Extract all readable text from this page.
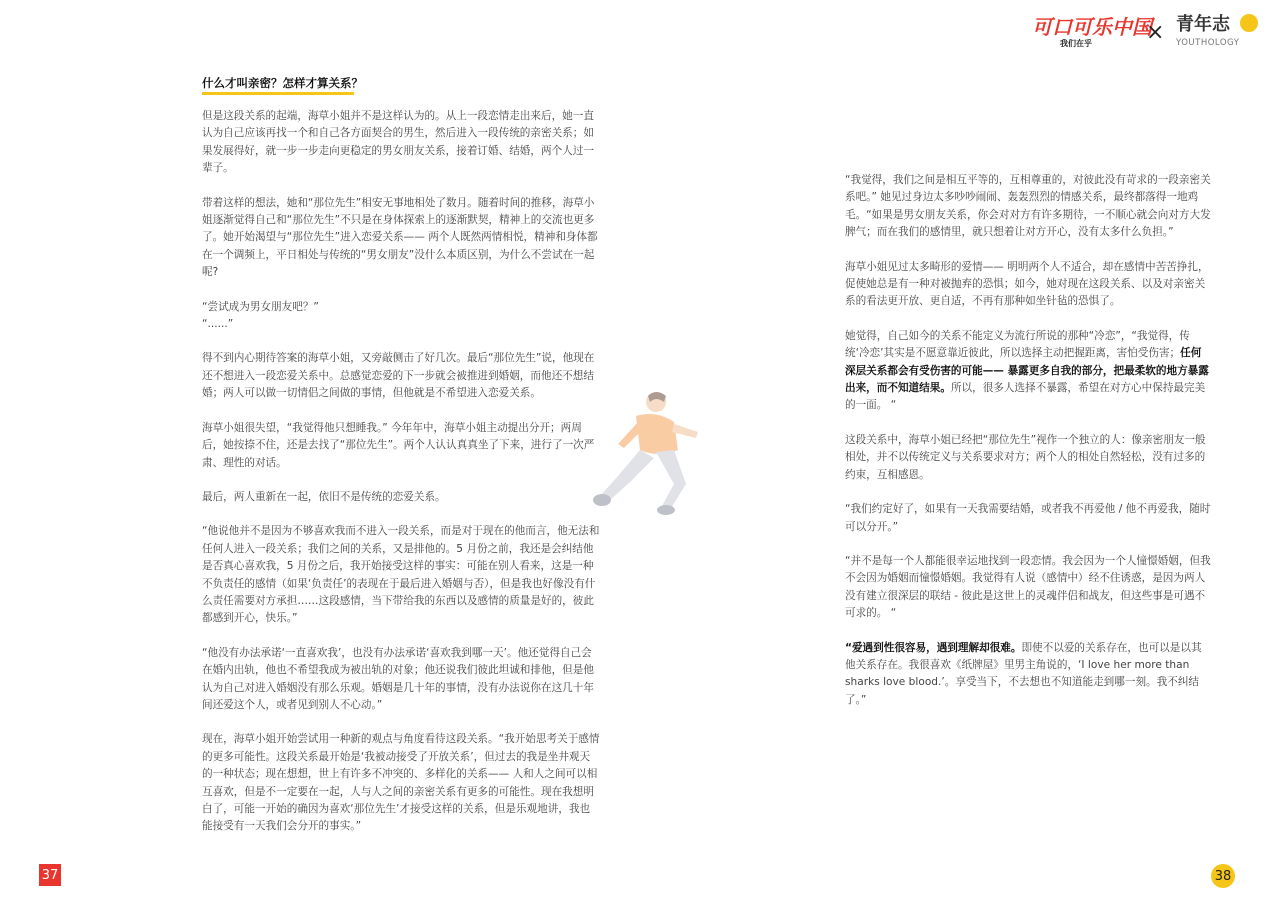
可口可乐中国
我们在乎	× 青年志
YOUTHOLOGY
什么才叫亲密？怎样才算关系？

但是这段关系的起端，海草小姐并不是这样认为的。从上一段恋情走出来后，她一直认为自己应该再找一个和自己各方面契合的男生，然后进入一段传统的亲密关系；如果发展得好，就一步一步走向更稳定的男女朋友关系，接着订婚、结婚，两个人过一辈子。

带着这样的想法，她和“那位先生”相安无事地相处了数月。随着时间的推移，海草小姐逐渐觉得自己和“那位先生”不只是在身体探索上的逐渐默契，精神上的交流也更多了。她开始渴望与“那位先生”进入恋爱关系—— 两个人既然两情相悦，精神和身体都在一个调频上，平日相处与传统的“男女朋友”没什么本质区别，为什么不尝试在一起呢?

“尝试成为男女朋友吧？”

“......”

得不到内心期待答案的海草小姐，又旁敲侧击了好几次。最后“那位先生”说，他现在还不想进入一段恋爱关系中。总感觉恋爱的下一步就会被推进到婚姻，而他还不想结婚；两人可以做一切情侣之间做的事情，但他就是不希望进入恋爱关系。

海草小姐很失望，“我觉得他只想睡我。” 今年年中，海草小姐主动提出分开；两周后，她按捺不住，还是去找了“那位先生”。两个人认认真真坐了下来，进行了一次严肃、理性的对话。

最后，两人重新在一起，依旧不是传统的恋爱关系。

“他说他并不是因为不够喜欢我而不进入一段关系，而是对于现在的他而言，他无法和任何人进入一段关系；我们之间的关系，又是排他的。5 月份之前，我还是会纠结他是否真心喜欢我，5 月份之后，我开始接受这样的事实：可能在别人看来，这是一种不负责任的感情（如果‘负责任’的表现在于最后进入婚姻与否），但是我也好像没有什么责任需要对方承担……这段感情，当下带给我的东西以及感情的质量是好的，彼此都感到开心，快乐。”

“他没有办法承诺‘一直喜欢我’，也没有办法承诺‘喜欢我到哪一天’。他还觉得自己会在婚内出轨，他也不希望我成为被出轨的对象；他还说我们彼此坦诚和排他，但是他认为自己对进入婚姻没有那么乐观。婚姻是几十年的事情，没有办法说你在这几十年间还爱这个人，或者见到别人不心动。”

现在，海草小姐开始尝试用一种新的观点与角度看待这段关系。“我开始思考关于感情的更多可能性。这段关系最开始是‘我被动接受了开放关系’，但过去的我是坐井观天的一种状态；现在想想，世上有许多不冲突的、多样化的关系—— 人和人之间可以相互喜欢，但是不一定要在一起，人与人之间的亲密关系有更多的可能性。现在我想明白了，可能一开始的确因为喜欢‘那位先生’才接受这样的关系，但是乐观地讲，我也能接受有一天我们会分开的事实。”

37	38

“我觉得，我们之间是相互平等的，互相尊重的，对彼此没有苛求的一段亲密关系吧。” 她见过身边太多吵吵闹闹、轰轰烈烈的情感关系，最终都落得一地鸡毛。“如果是男女朋友关系，你会对对方有许多期待，一不顺心就会向对方大发脾气；而在我们的感情里，就只想着让对方开心，没有太多什么负担。”

海草小姐见过太多畸形的爱情—— 明明两个人不适合，却在感情中苦苦挣扎，促使她总是有一种对被抛弃的恐惧；如今，她对现在这段关系、以及对亲密关系的看法更开放、更自适，不再有那种如坐针毡的恐惧了。

她觉得，自己如今的关系不能定义为流行所说的那种“冷恋”，“我觉得，传统‘冷恋’其实是不愿意靠近彼此，所以选择主动把握距离，害怕受伤害；任何深层关系都会有受伤害的可能—— 暴露更多自我的部分，把最柔软的地方暴露出来，而不知道结果。所以，很多人选择不暴露，希望在对方心中保持最完美的一面。 “

这段关系中，海草小姐已经把“那位先生”视作一个独立的人：像亲密朋友一般相处，并不以传统定义与关系要求对方；两个人的相处自然轻松，没有过多的约束，互相感恩。

“我们约定好了，如果有一天我需要结婚，或者我不再爱他 / 他不再爱我，随时可以分开。”

“并不是每一个人都能很幸运地找到一段恋情。我会因为一个人憧憬婚姻，但我不会因为婚姻而憧憬婚姻。我觉得有人说（感情中）经不住诱惑，是因为两人没有建立很深层的联结 - 彼此是这世上的灵魂伴侣和战友，但这些事是可遇不可求的。 “

“爱遇到性很容易，遇到理解却很难。即使不以爱的关系存在，也可以是以其他关系存在。我很喜欢《纸牌屋》里男主角说的，‘I love her more than sharks love blood.’。享受当下，不去想也不知道能走到哪一刻。我不纠结了。”
